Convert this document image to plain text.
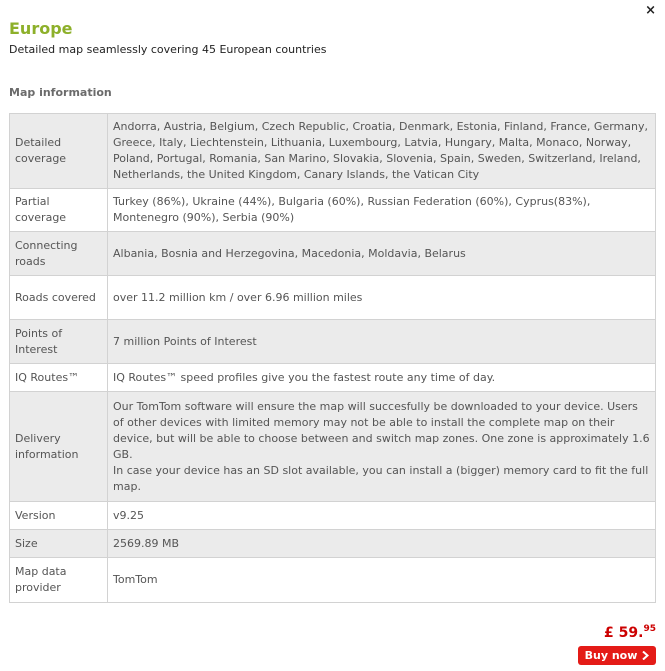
×
Europe
Detailed map seamlessly covering 45 European countries
Map information
Detailed coverage	Andorra, Austria, Belgium, Czech Republic, Croatia, Denmark, Estonia, Finland, France, Germany, Greece, Italy, Liechtenstein, Lithuania, Luxembourg, Latvia, Hungary, Malta, Monaco, Norway, Poland, Portugal, Romania, San Marino, Slovakia, Slovenia, Spain, Sweden, Switzerland, Ireland, Netherlands, the United Kingdom, Canary Islands, the Vatican City
Partial coverage	Turkey (86%), Ukraine (44%), Bulgaria (60%), Russian Federation (60%), Cyprus(83%), Montenegro (90%), Serbia (90%)
Connecting roads	Albania, Bosnia and Herzegovina, Macedonia, Moldavia, Belarus
Roads covered	over 11.2 million km / over 6.96 million miles
Points of Interest	7 million Points of Interest
IQ Routes™	IQ Routes™ speed profiles give you the fastest route any time of day.
Delivery information	Our TomTom software will ensure the map will succesfully be downloaded to your device. Users of other devices with limited memory may not be able to install the complete map on their device, but will be able to choose between and switch map zones. One zone is approximately 1.6 GB.
In case your device has an SD slot available, you can install a (bigger) memory card to fit the full map.
Version	v9.25
Size	2569.89 MB
Map data provider	TomTom
£ 59.95
Buy now
